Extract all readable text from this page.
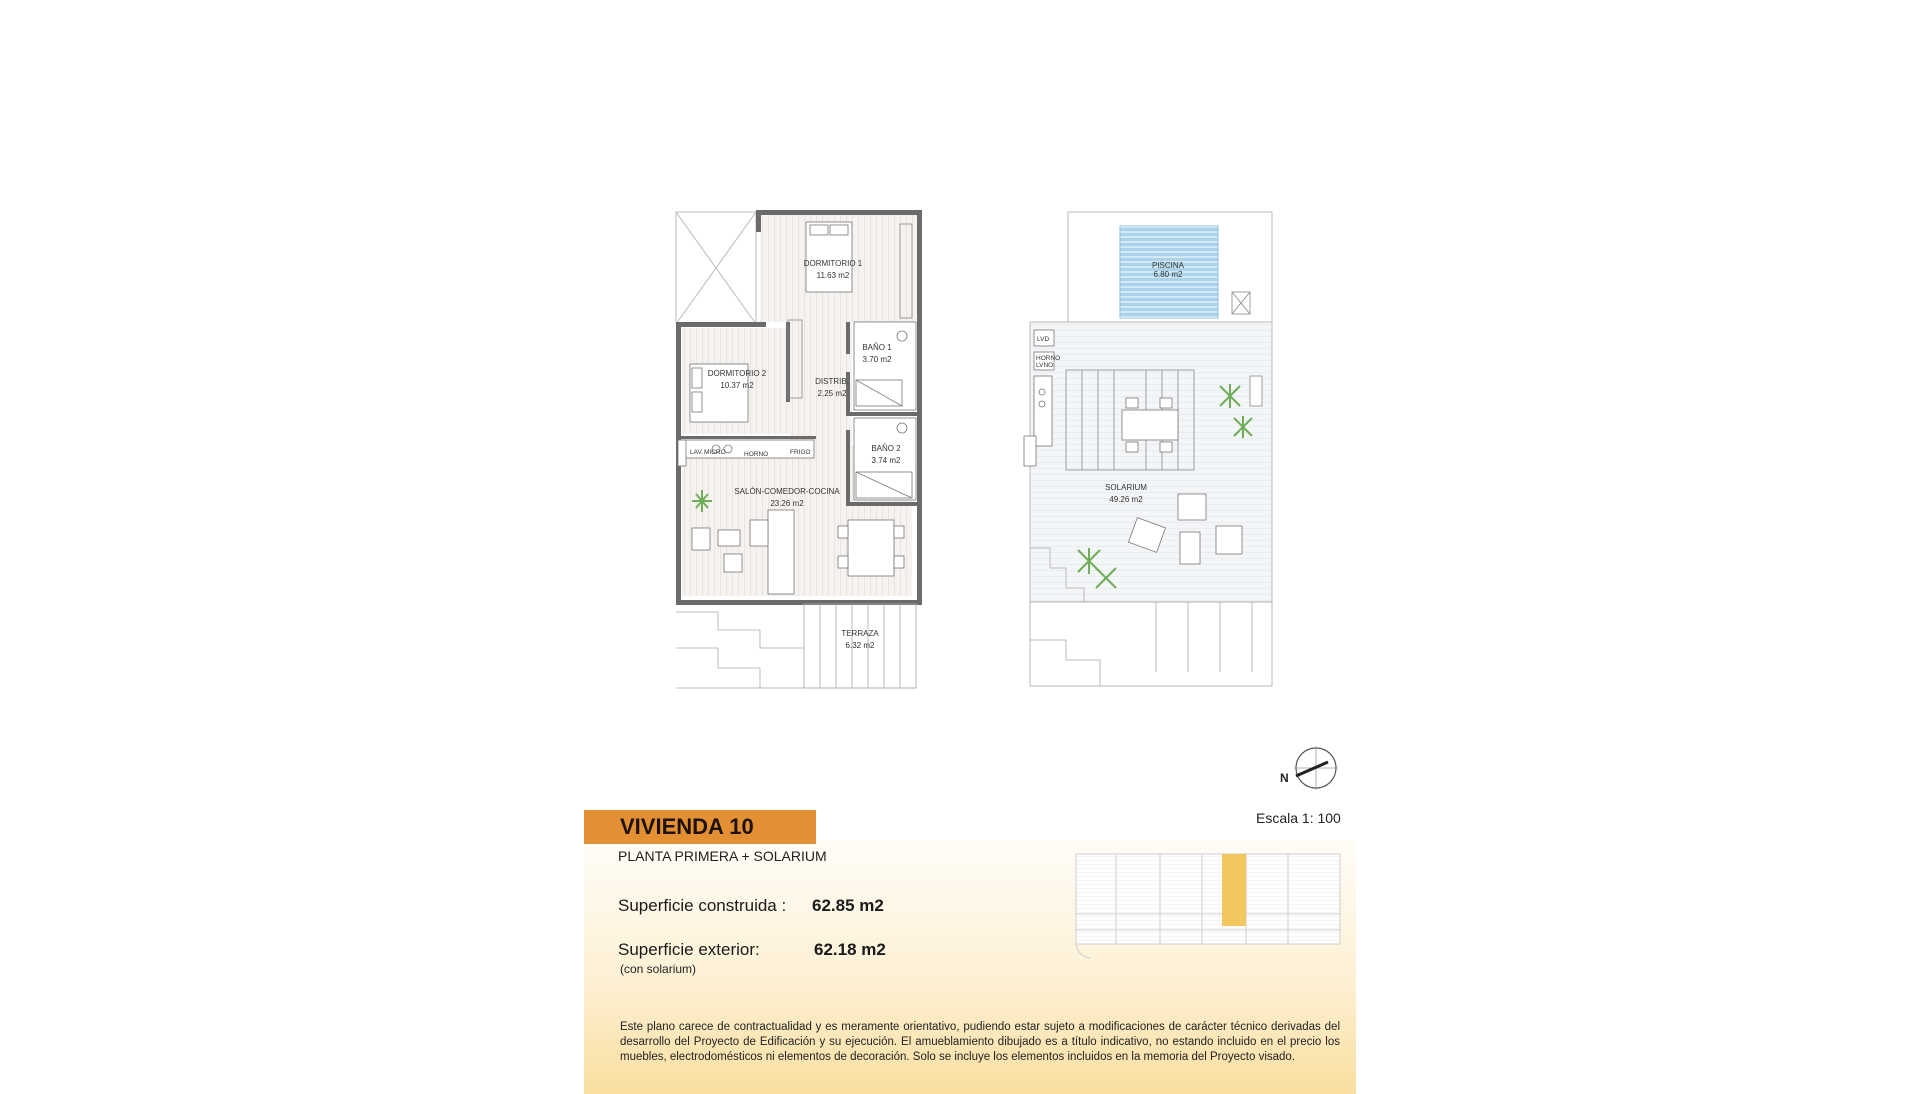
DORMITORIO 1
11.63 m2
DORMITORIO 2
10.37 m2	DISTRIB.
2.25 m2
BAÑO 1
3.70 m2
BAÑO 2
3.74 m2
SALÓN-COMEDOR-COCINA
23.26 m2
TERRAZA
6.32 m2
LAV. MICRO	HORNO	FRIGO
PISCINA
6.80 m2
SOLARIUM
49.26 m2
LVD
HORNO
LVNO
N
VIVIENDA 10
PLANTA PRIMERA + SOLARIUM
Escala 1: 100
Superficie construida : 62.85 m2
Superficie exterior:	62.18 m2
(con solarium)
Este plano carece de contractualidad y es meramente orientativo, pudiendo estar sujeto a modificaciones de carácter técnico derivadas del desarrollo del Proyecto de Edificación y su ejecución. El amueblamiento dibujado es a título indicativo, no estando incluido en el precio los muebles, electrodomésticos ni elementos de decoración. Solo se incluye los elementos incluidos en la memoria del Proyecto visado.
